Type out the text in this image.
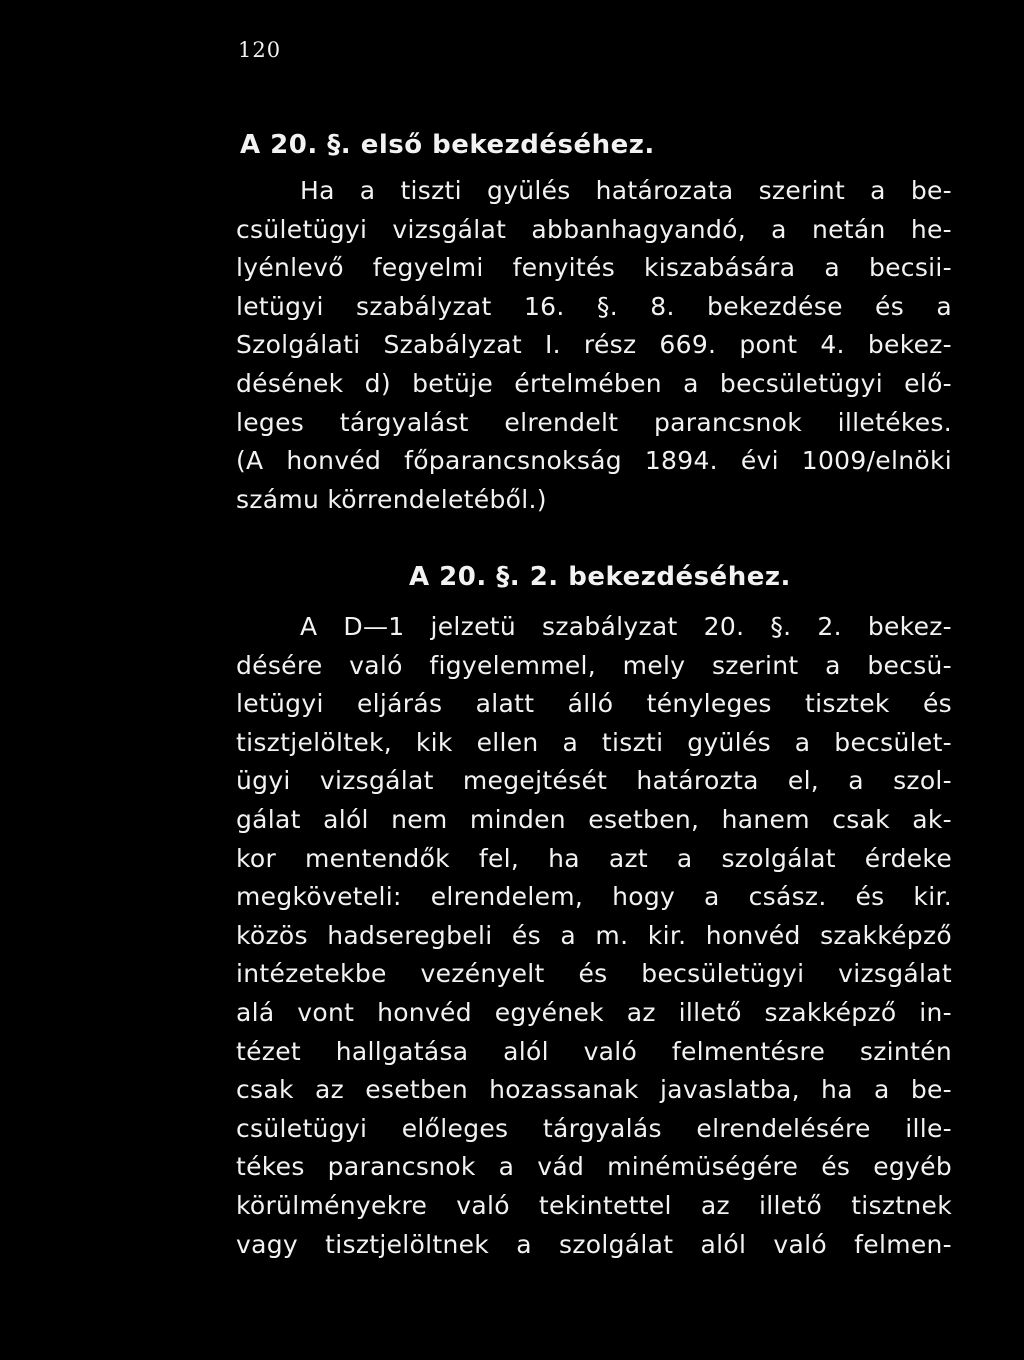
120
A 20. §. első bekezdéséhez.
Ha a tiszti gyülés határozata szerint a be-
csületügyi vizsgálat abbanhagyandó, a netán he-
lyénlevő fegyelmi fenyités kiszabására a becsii-
letügyi szabályzat 16. §. 8. bekezdése és a
Szolgálati Szabályzat I. rész 669. pont 4. bekez-
désének d) betüje értelmében a becsületügyi elő-
leges tárgyalást elrendelt parancsnok illetékes.
(A honvéd főparancsnokság 1894. évi 1009/elnöki
számu körrendeletéből.)
A 20. §. 2. bekezdéséhez.
A D—1 jelzetü szabályzat 20. §. 2. bekez-
désére való figyelemmel, mely szerint a becsü-
letügyi eljárás alatt álló tényleges tisztek és
tisztjelöltek, kik ellen a tiszti gyülés a becsület-
ügyi vizsgálat megejtését határozta el, a szol-
gálat alól nem minden esetben, hanem csak ak-
kor mentendők fel, ha azt a szolgálat érdeke
megköveteli: elrendelem, hogy a csász. és kir.
közös hadseregbeli és a m. kir. honvéd szakképző
intézetekbe vezényelt és becsületügyi vizsgálat
alá vont honvéd egyének az illető szakképző in-
tézet hallgatása alól való felmentésre szintén
csak az esetben hozassanak javaslatba, ha a be-
csületügyi előleges tárgyalás elrendelésére ille-
tékes parancsnok a vád minémüségére és egyéb
körülményekre való tekintettel az illető tisztnek
vagy tisztjelöltnek a szolgálat alól való felmen-
